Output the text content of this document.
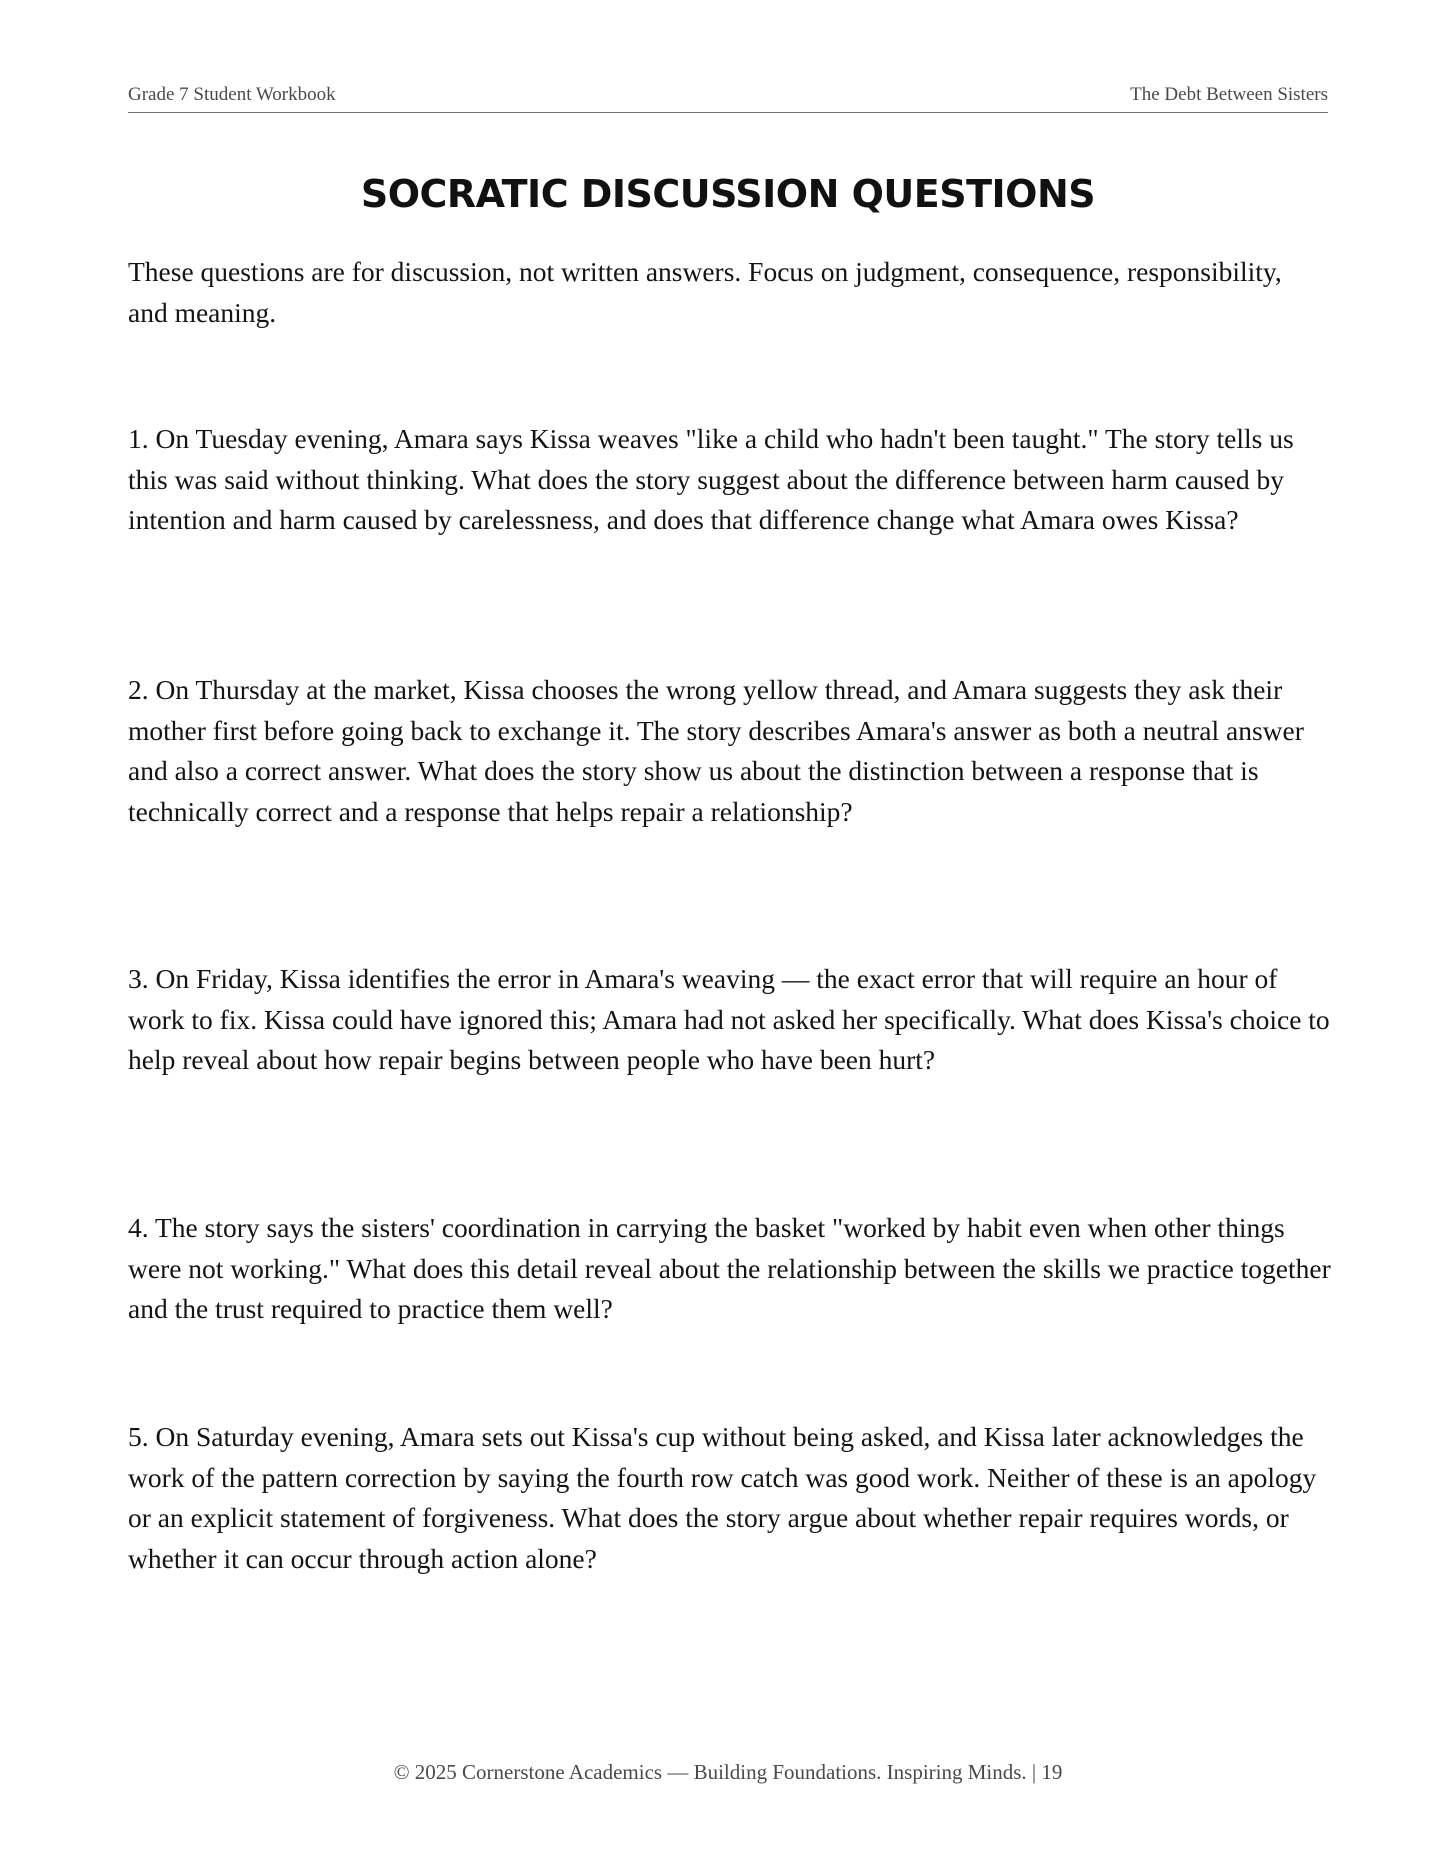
Grade 7 Student Workbook	The Debt Between Sisters
SOCRATIC DISCUSSION QUESTIONS

These questions are for discussion, not written answers. Focus on judgment, consequence, responsibility, and meaning.

1. On Tuesday evening, Amara says Kissa weaves "like a child who hadn't been taught." The story tells us this was said without thinking. What does the story suggest about the difference between harm caused by intention and harm caused by carelessness, and does that difference change what Amara owes Kissa?

2. On Thursday at the market, Kissa chooses the wrong yellow thread, and Amara suggests they ask their mother first before going back to exchange it. The story describes Amara's answer as both a neutral answer and also a correct answer. What does the story show us about the distinction between a response that is technically correct and a response that helps repair a relationship?

3. On Friday, Kissa identifies the error in Amara's weaving — the exact error that will require an hour of work to fix. Kissa could have ignored this; Amara had not asked her specifically. What does Kissa's choice to help reveal about how repair begins between people who have been hurt?

4. The story says the sisters' coordination in carrying the basket "worked by habit even when other things were not working." What does this detail reveal about the relationship between the skills we practice together and the trust required to practice them well?

5. On Saturday evening, Amara sets out Kissa's cup without being asked, and Kissa later acknowledges the work of the pattern correction by saying the fourth row catch was good work. Neither of these is an apology or an explicit statement of forgiveness. What does the story argue about whether repair requires words, or whether it can occur through action alone?

© 2025 Cornerstone Academics — Building Foundations. Inspiring Minds. | 19
